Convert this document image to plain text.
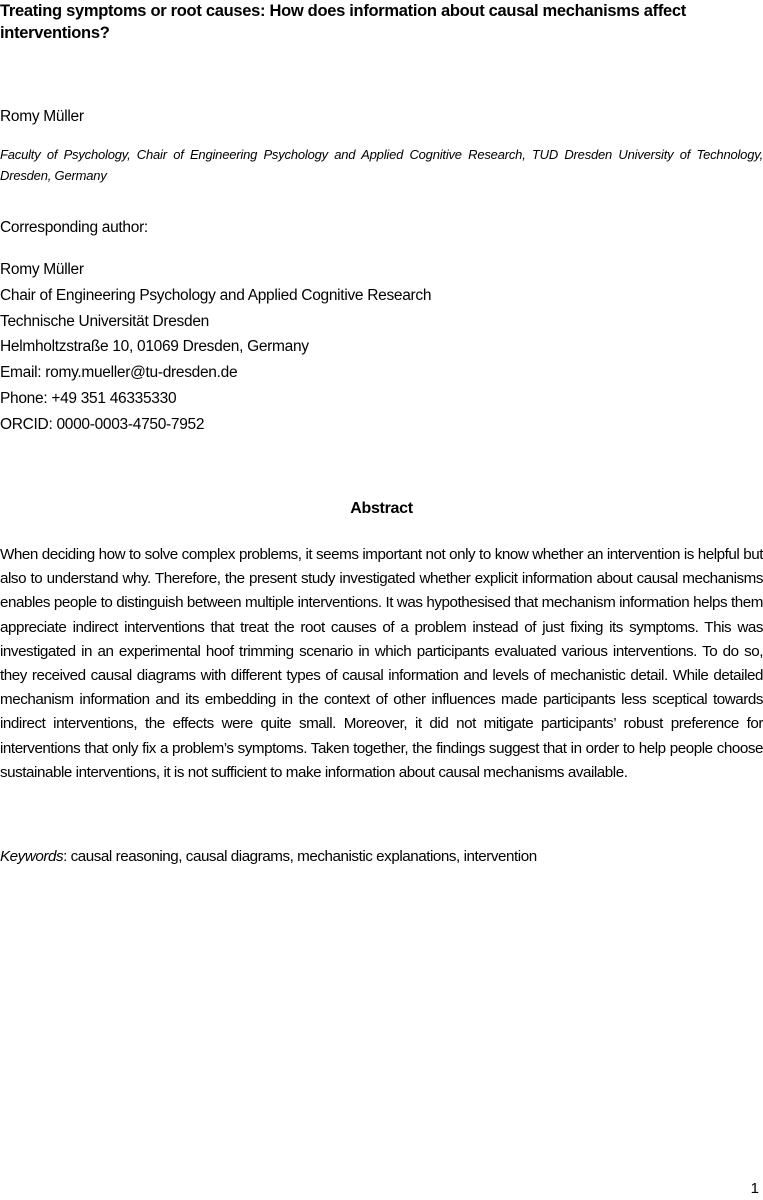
Treating symptoms or root causes: How does information about causal mechanisms affect interventions?
Romy Müller
Faculty of Psychology, Chair of Engineering Psychology and Applied Cognitive Research, TUD Dresden University of Technology, Dresden, Germany
Corresponding author:
Romy Müller
Chair of Engineering Psychology and Applied Cognitive Research
Technische Universität Dresden
Helmholtzstraße 10, 01069 Dresden, Germany
Email: romy.mueller@tu-dresden.de
Phone: +49 351 46335330
ORCID: 0000-0003-4750-7952
Abstract

When deciding how to solve complex problems, it seems important not only to know whether an intervention is helpful but also to understand why. Therefore, the present study investigated whether explicit information about causal mechanisms enables people to distinguish between multiple interventions. It was hypothesised that mechanism information helps them appreciate indirect interventions that treat the root causes of a problem instead of just fixing its symptoms. This was investigated in an experimental hoof trimming scenario in which participants evaluated various interventions. To do so, they received causal diagrams with different types of causal information and levels of mechanistic detail. While detailed mechanism information and its embedding in the context of other influences made participants less sceptical towards indirect interventions, the effects were quite small. Moreover, it did not mitigate participants’ robust preference for interventions that only fix a problem’s symptoms. Taken together, the findings suggest that in order to help people choose sustainable interventions, it is not sufficient to make information about causal mechanisms available.

Keywords: causal reasoning, causal diagrams, mechanistic explanations, intervention
1
